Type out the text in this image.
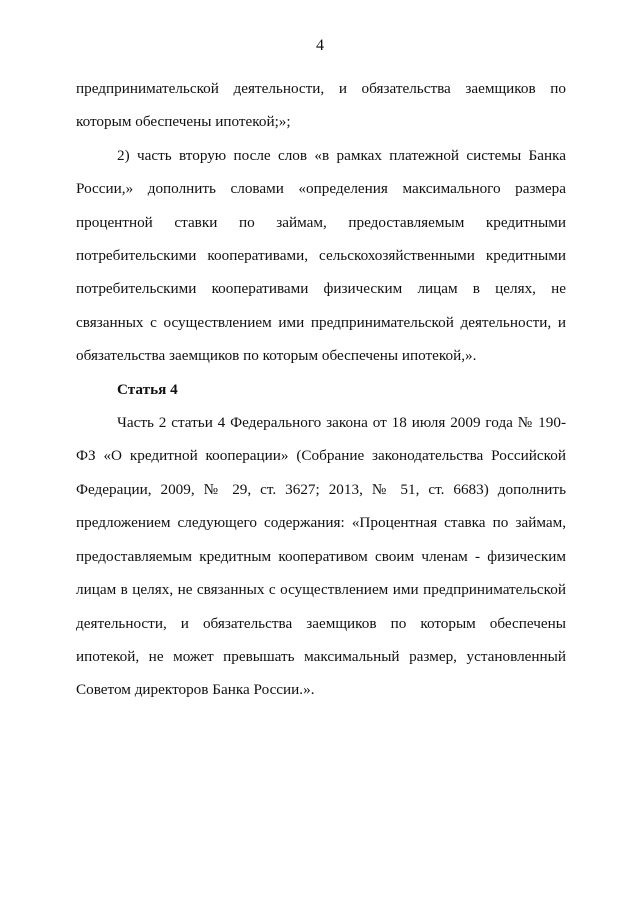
4

предпринимательской деятельности, и обязательства заемщиков по которым обеспечены ипотекой;»;

2) часть вторую после слов «в рамках платежной системы Банка России,» дополнить словами «определения максимального размера процентной ставки по займам, предоставляемым кредитными потребительскими кооперативами, сельскохозяйственными кредитными потребительскими кооперативами физическим лицам в целях, не связанных с осуществлением ими предпринимательской деятельности, и обязательства заемщиков по которым обеспечены ипотекой,».

Статья 4

Часть 2 статьи 4 Федерального закона от 18 июля 2009 года № 190-ФЗ «О кредитной кооперации» (Собрание законодательства Российской Федерации, 2009, № 29, ст. 3627; 2013, № 51, ст. 6683) дополнить предложением следующего содержания: «Процентная ставка по займам, предоставляемым кредитным кооперативом своим членам - физическим лицам в целях, не связанных с осуществлением ими предпринимательской деятельности, и обязательства заемщиков по которым обеспечены ипотекой, не может превышать максимальный размер, установленный Советом директоров Банка России.».
